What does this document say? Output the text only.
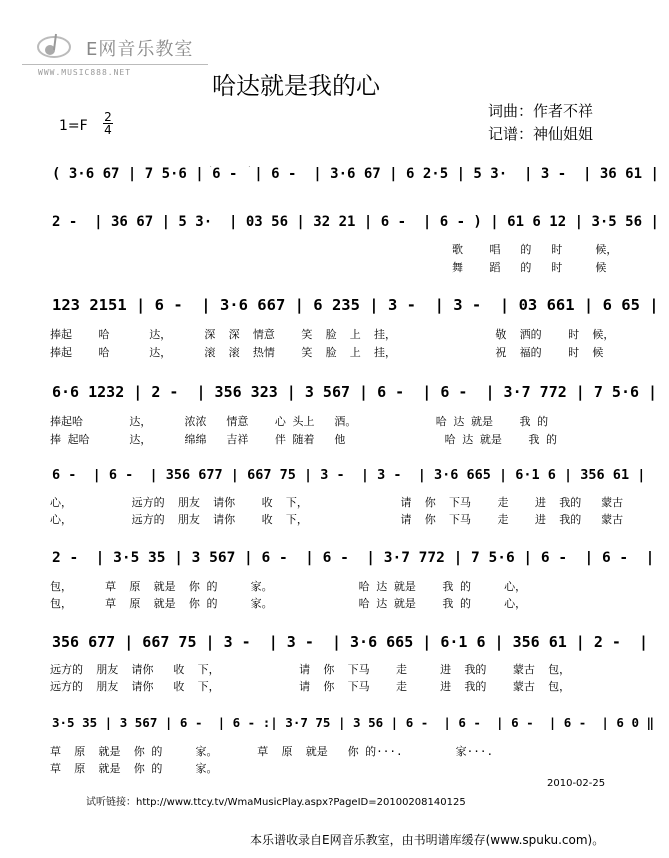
E网音乐教室
WWW.MUSIC888.NET	哈达就是我的心
1=F
2
4
词曲：作者不祥
记谱：神仙姐姐
( 3·6 67 | 7 5·6 | 6 -  | 6 -  | 3·6 67 | 6 2·5 | 5 3·  | 3 -  | 36 61 |
2 -  | 36 67 | 5 3·  | 03 56 | 32 21 | 6 -  | 6 - ) | 61 6 12 | 3·5 56 |
歌    唱   的   时     候，
舞    蹈   的   时     候
123 2151 | 6 -  | 3·6 667 | 6 235 | 3 -  | 3 -  | 03 661 | 6 65 |
捧起    哈      达，     深  深  情意    笑  脸  上  挂，               敬  洒的    时  候，
捧起    哈      达，     滚  滚  热情    笑  脸  上  挂，               祝  福的    时  候
6·6 1232 | 2 -  | 356 323 | 3 567 | 6 -  | 6 -  | 3·7 772 | 7 5·6 |
捧起哈       达，     浓浓   情意    心 头上   酒。            哈 达 就是    我 的
捧 起哈      达，     绵绵   吉祥    伴 随着   他               哈 达 就是    我 的
6 -  | 6 -  | 356 677 | 667 75 | 3 -  | 3 -  | 3·6 665 | 6·1 6 | 356 61 |
心，         远方的  朋友  请你    收  下，              请  你  下马    走    进  我的   蒙古
心，         远方的  朋友  请你    收  下，              请  你  下马    走    进  我的   蒙古
2 -  | 3·5 35 | 3 567 | 6 -  | 6 -  | 3·7 772 | 7 5·6 | 6 -  | 6 -  |
包，     草  原  就是  你 的     家。             哈 达 就是    我 的     心，
包，     草  原  就是  你 的     家。             哈 达 就是    我 的     心，
356 677 | 667 75 | 3 -  | 3 -  | 3·6 665 | 6·1 6 | 356 61 | 2 -  |
远方的  朋友  请你   收  下，            请  你  下马    走     进  我的    蒙古  包，
远方的  朋友  请你   收  下，            请  你  下马    走     进  我的    蒙古  包，
3·5 35 | 3 567 | 6 -  | 6 - :| 3·7 75 | 3 56 | 6 -  | 6 -  | 6 -  | 6 -  | 6 0 ‖
草  原  就是  你 的     家。      草  原  就是   你 的···.        家···.
草  原  就是  你 的     家。
2010-02-25
试听链接：http://www.ttcy.tv/WmaMusicPlay.aspx?PageID=20100208140125
本乐谱收录自E网音乐教室，由书明谱库缓存(www.spuku.com)。
